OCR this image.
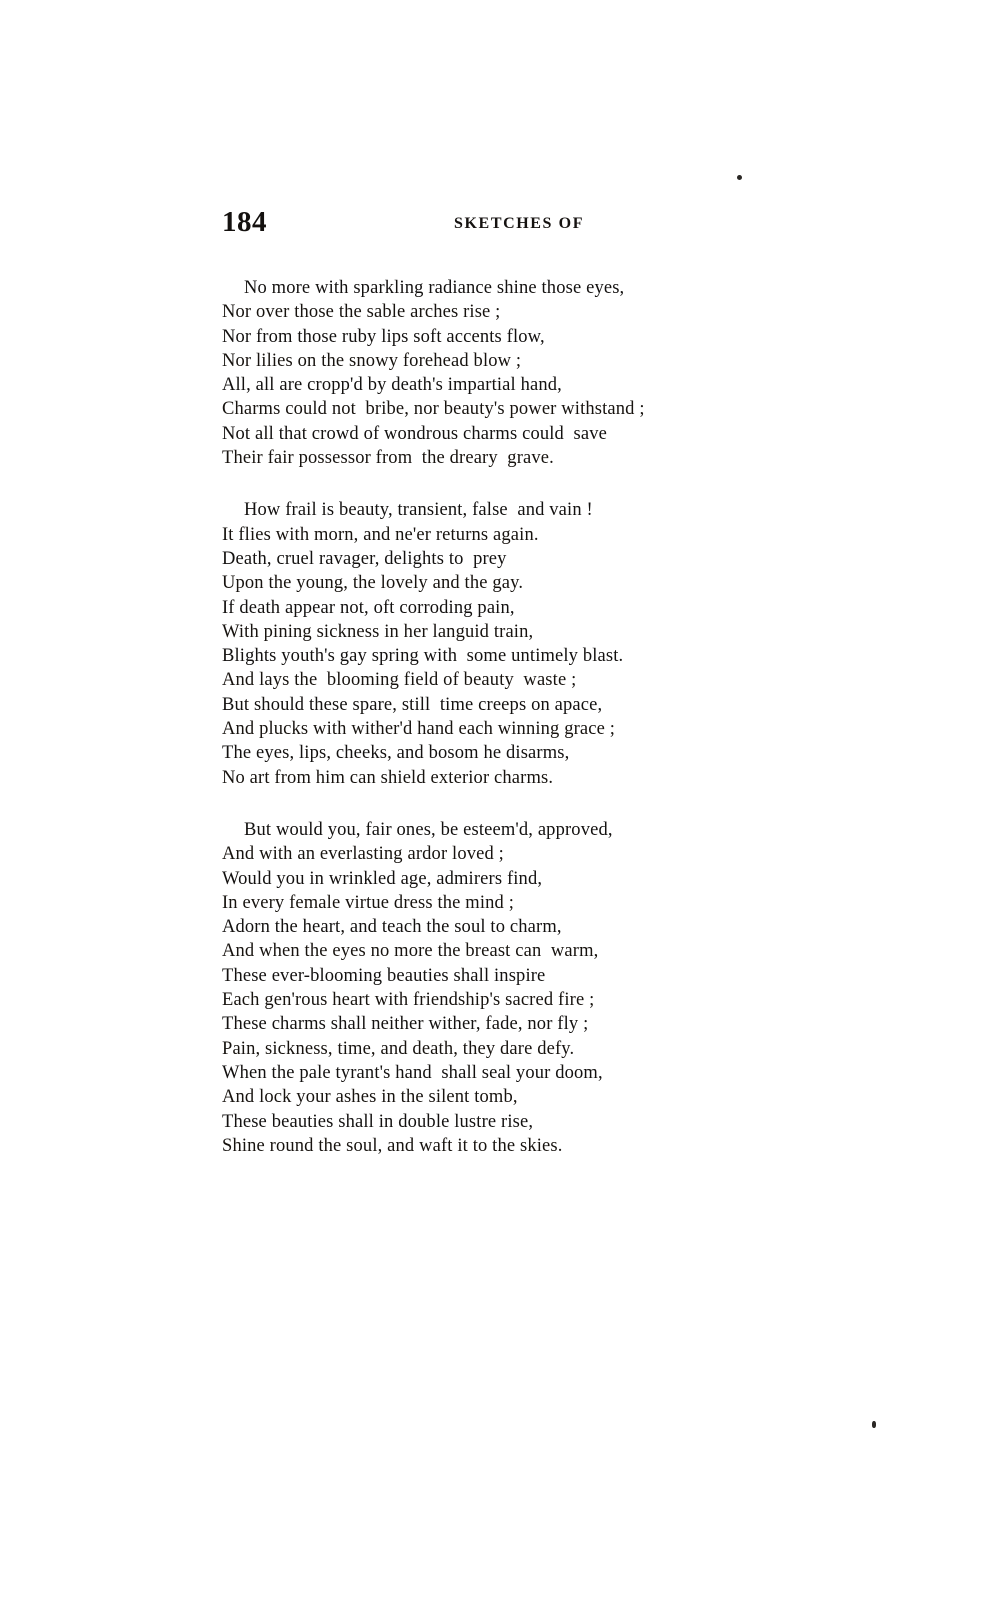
184	SKETCHES OF
No more with sparkling radiance shine those eyes,
Nor over those the sable arches rise ;
Nor from those ruby lips soft accents flow,
Nor lilies on the snowy forehead blow ;
All, all are cropp'd by death's impartial hand,
Charms could not  bribe, nor beauty's power withstand ;
Not all that crowd of wondrous charms could  save
Their fair possessor from  the dreary  grave.
How frail is beauty, transient, false  and vain !
It flies with morn, and ne'er returns again.
Death, cruel ravager, delights to  prey
Upon the young, the lovely and the gay.
If death appear not, oft corroding pain,
With pining sickness in her languid train,
Blights youth's gay spring with  some untimely blast.
And lays the  blooming field of beauty  waste ;
But should these spare, still  time creeps on apace,
And plucks with wither'd hand each winning grace ;
The eyes, lips, cheeks, and bosom he disarms,
No art from him can shield exterior charms.
But would you, fair ones, be esteem'd, approved,
And with an everlasting ardor loved ;
Would you in wrinkled age, admirers find,
In every female virtue dress the mind ;
Adorn the heart, and teach the soul to charm,
And when the eyes no more the breast can  warm,
These ever-blooming beauties shall inspire
Each gen'rous heart with friendship's sacred fire ;
These charms shall neither wither, fade, nor fly ;
Pain, sickness, time, and death, they dare defy.
When the pale tyrant's hand  shall seal your doom,
And lock your ashes in the silent tomb,
These beauties shall in double lustre rise,
Shine round the soul, and waft it to the skies.
